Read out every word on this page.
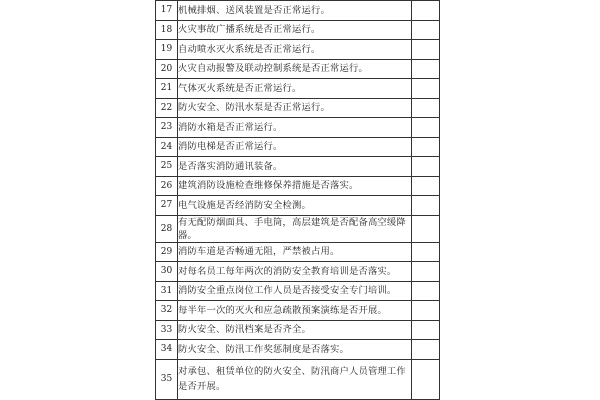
17	机械排烟、送风装置是否正常运行。	
18	火灾事故广播系统是否正常运行。	
19	自动喷水灭火系统是否正常运行。	
20	火灾自动报警及联动控制系统是否正常运行。	
21	气体灭火系统是否正常运行。	
22	防火安全、防汛水泵是否正常运行。	
23	消防水箱是否正常运行。	
24	消防电梯是否正常运行。	
25	是否落实消防通讯装备。	
26	建筑消防设施检查维修保养措施是否落实。	
27	电气设施是否经消防安全检测。	
28	有无配防烟面具、手电筒，高层建筑是否配备高空缓降器。	
29	消防车道是否畅通无阻，严禁被占用。	
30	对每名员工每年两次的消防安全教育培训是否落实。	
31	消防安全重点岗位工作人员是否接受安全专门培训。	
32	每半年一次的灭火和应急疏散预案演练是否开展。	
33	防火安全、防汛档案是否齐全。	
34	防火安全、防汛工作奖惩制度是否落实。	
35	对承包、租赁单位的防火安全、防汛商户人员管理工作是否开展。	
